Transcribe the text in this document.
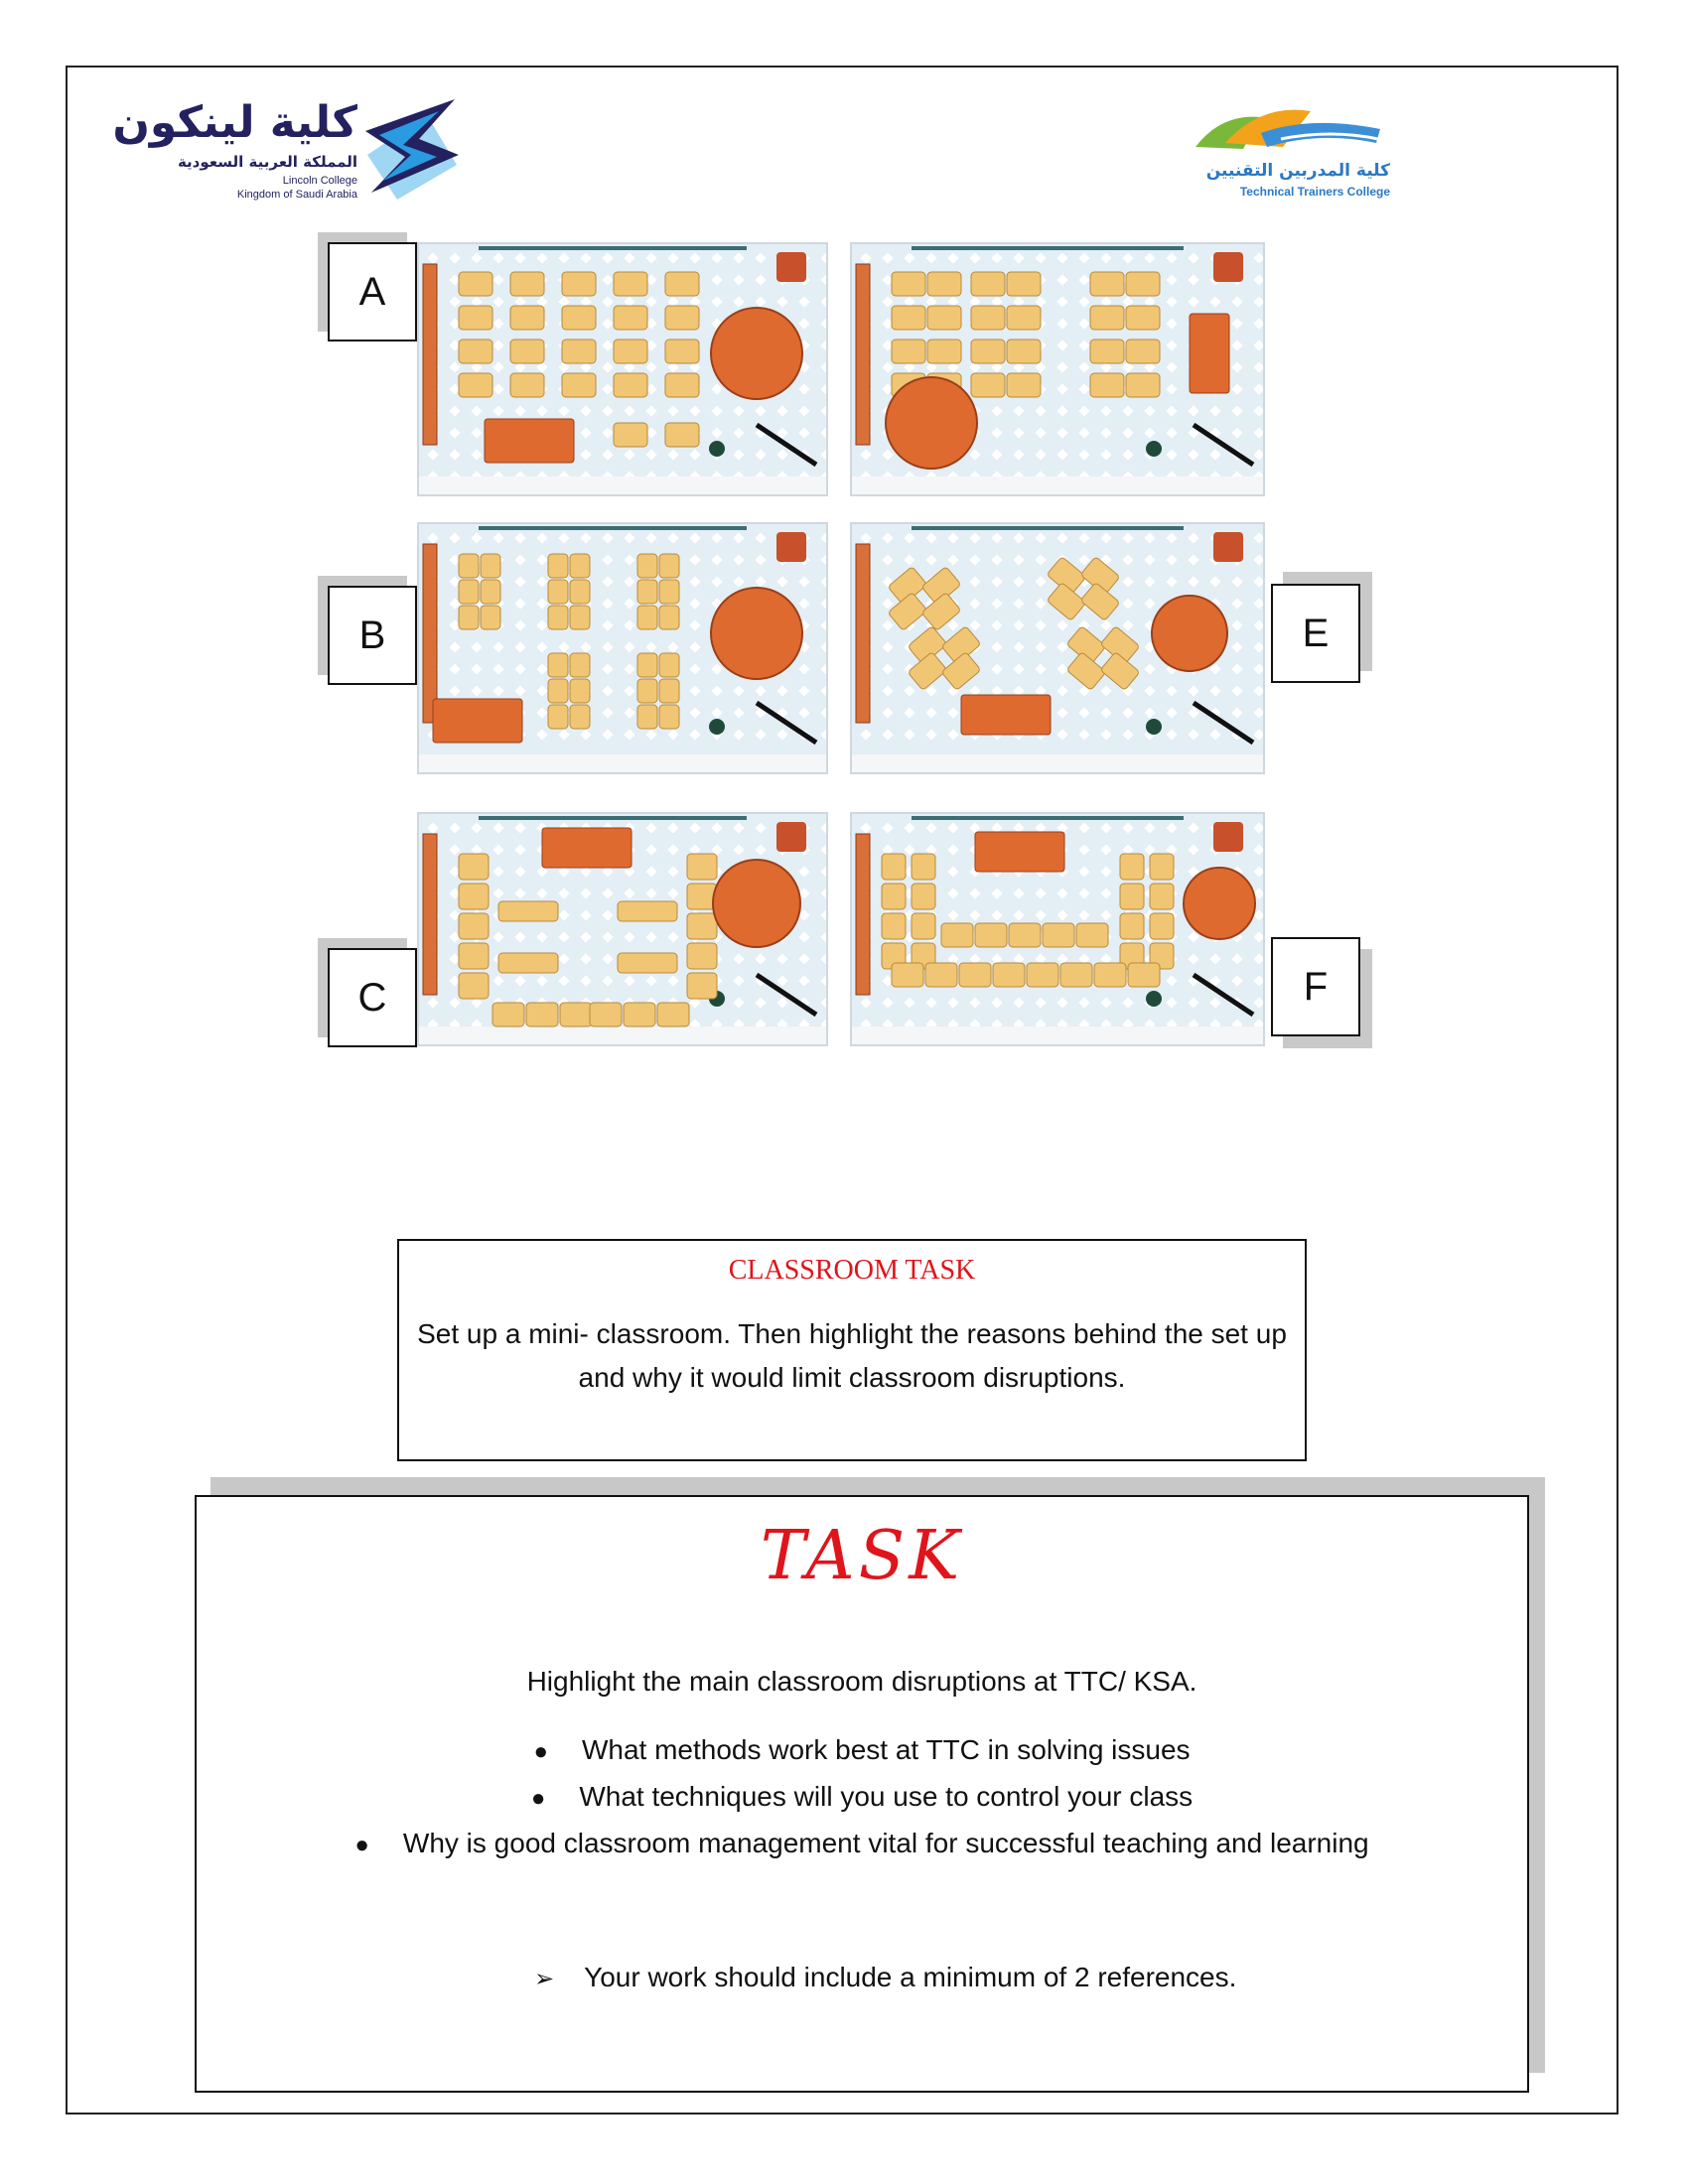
كلية لينكون
المملكة العربية السعودية
Lincoln College
Kingdom of Saudi Arabia
كلية المدربين التقنيين
Technical Trainers College
A
B
C
E
F
CLASSROOM TASK
Set up a mini- classroom. Then highlight the reasons behind the set up and why it would limit classroom disruptions.
TASK
Highlight the main classroom disruptions at TTC/ KSA.
● What methods work best at TTC in solving issues
● What techniques will you use to control your class
● Why is good classroom management vital for successful teaching and learning
➢ Your work should include a minimum of 2 references.
